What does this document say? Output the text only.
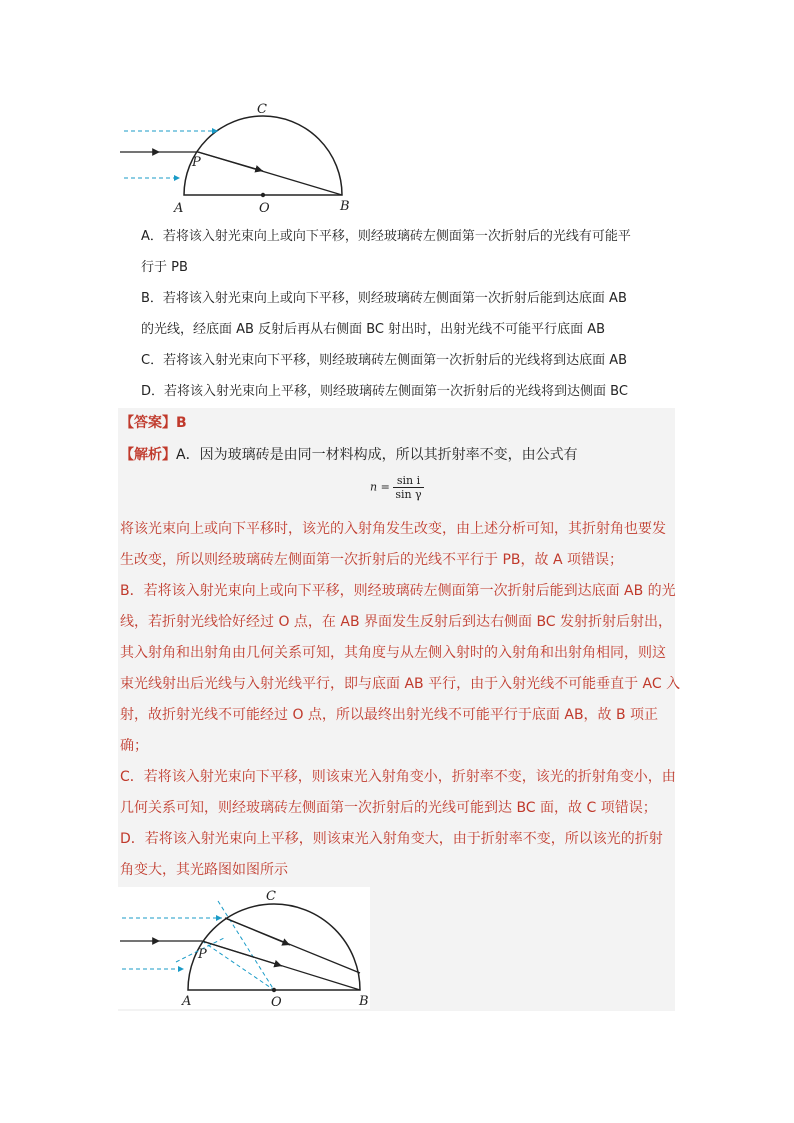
A	O	B
C
P
A．若将该入射光束向上或向下平移，则经玻璃砖左侧面第一次折射后的光线有可能平
行于 PB
B．若将该入射光束向上或向下平移，则经玻璃砖左侧面第一次折射后能到达底面 AB
的光线，经底面 AB 反射后再从右侧面 BC 射出时，出射光线不可能平行底面 AB
C．若将该入射光束向下平移，则经玻璃砖左侧面第一次折射后的光线将到达底面 AB
D．若将该入射光束向上平移，则经玻璃砖左侧面第一次折射后的光线将到达侧面 BC
【答案】B
【解析】A．因为玻璃砖是由同一材料构成，所以其折射率不变，由公式有
$n = \frac{\text{sin i}}{\text{sin γ}}$
将该光束向上或向下平移时，该光的入射角发生改变，由上述分析可知，其折射角也要发
生改变，所以则经玻璃砖左侧面第一次折射后的光线不平行于 PB，故 A 项错误；
B．若将该入射光束向上或向下平移，则经玻璃砖左侧面第一次折射后能到达底面 AB 的光
线，若折射光线恰好经过 O 点，在 AB 界面发生反射后到达右侧面 BC 发射折射后射出，
其入射角和出射角由几何关系可知，其角度与从左侧入射时的入射角和出射角相同，则这
束光线射出后光线与入射光线平行，即与底面 AB 平行，由于入射光线不可能垂直于 AC 入
射，故折射光线不可能经过 O 点，所以最终出射光线不可能平行于底面 AB，故 B 项正
确；
C．若将该入射光束向下平移，则该束光入射角变小，折射率不变，该光的折射角变小，由
几何关系可知，则经玻璃砖左侧面第一次折射后的光线可能到达 BC 面，故 C 项错误；
D．若将该入射光束向上平移，则该束光入射角变大，由于折射率不变，所以该光的折射
角变大，其光路图如图所示
A	O	B
C
P
